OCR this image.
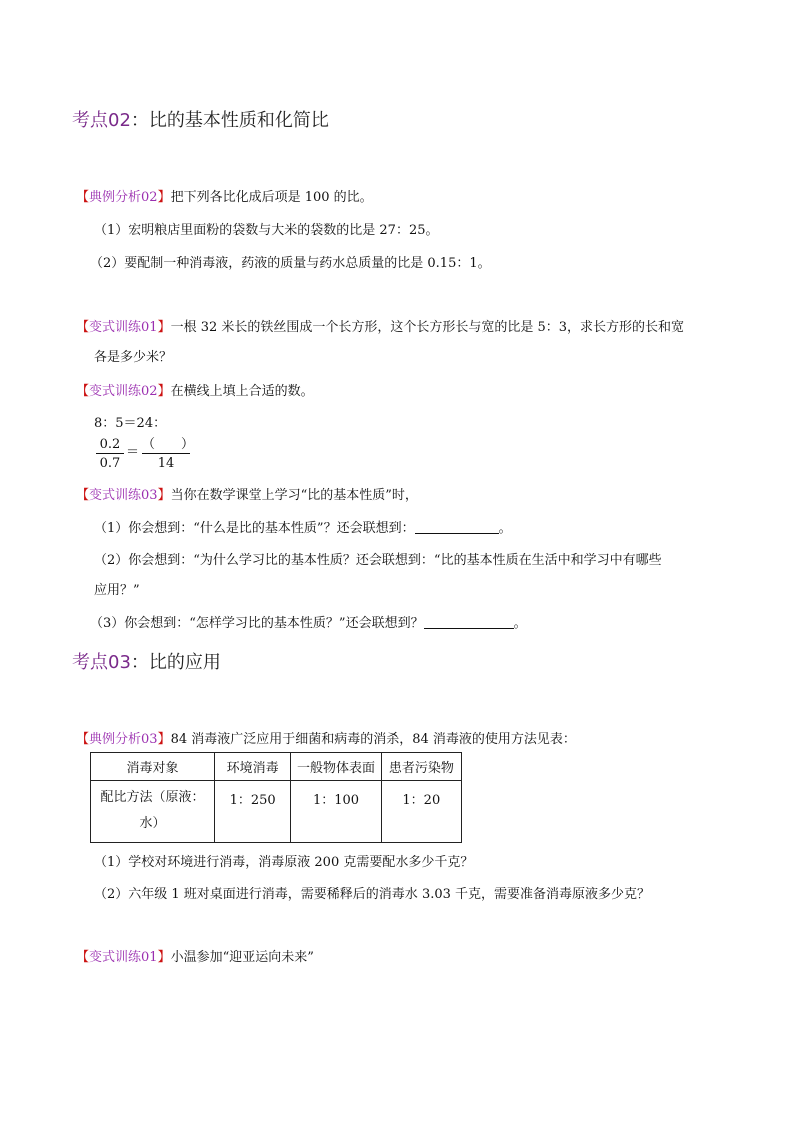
考点02：比的基本性质和化简比
【典例分析02】把下列各比化成后项是 100 的比。
（1）宏明粮店里面粉的袋数与大米的袋数的比是 27：25。
（2）要配制一种消毒液，药液的质量与药水总质量的比是 0.15：1。
【变式训练01】一根 32 米长的铁丝围成一个长方形，这个长方形长与宽的比是 5：3，求长方形的长和宽
各是多少米？
【变式训练02】在横线上填上合适的数。
8：5＝24：
0.2
0.7
＝
（　　）
14
【变式训练03】当你在数学课堂上学习“比的基本性质”时，
（1）你会想到：“什么是比的基本性质”？还会联想到：	。
（2）你会想到：“为什么学习比的基本性质？还会联想到：“比的基本性质在生活中和学习中有哪些
应用？”
（3）你会想到：“怎样学习比的基本性质？”还会联想到？	。
考点03：比的应用
【典例分析03】84 消毒液广泛应用于细菌和病毒的消杀，84 消毒液的使用方法见表：
消毒对象	环境消毒	一般物体表面	患者污染物

配比方法（原液：
水）	1：250	1：100	1：20
（1）学校对环境进行消毒，消毒原液 200 克需要配水多少千克？
（2）六年级 1 班对桌面进行消毒，需要稀释后的消毒水 3.03 千克，需要准备消毒原液多少克？
【变式训练01】小温参加“迎亚运向未来”
